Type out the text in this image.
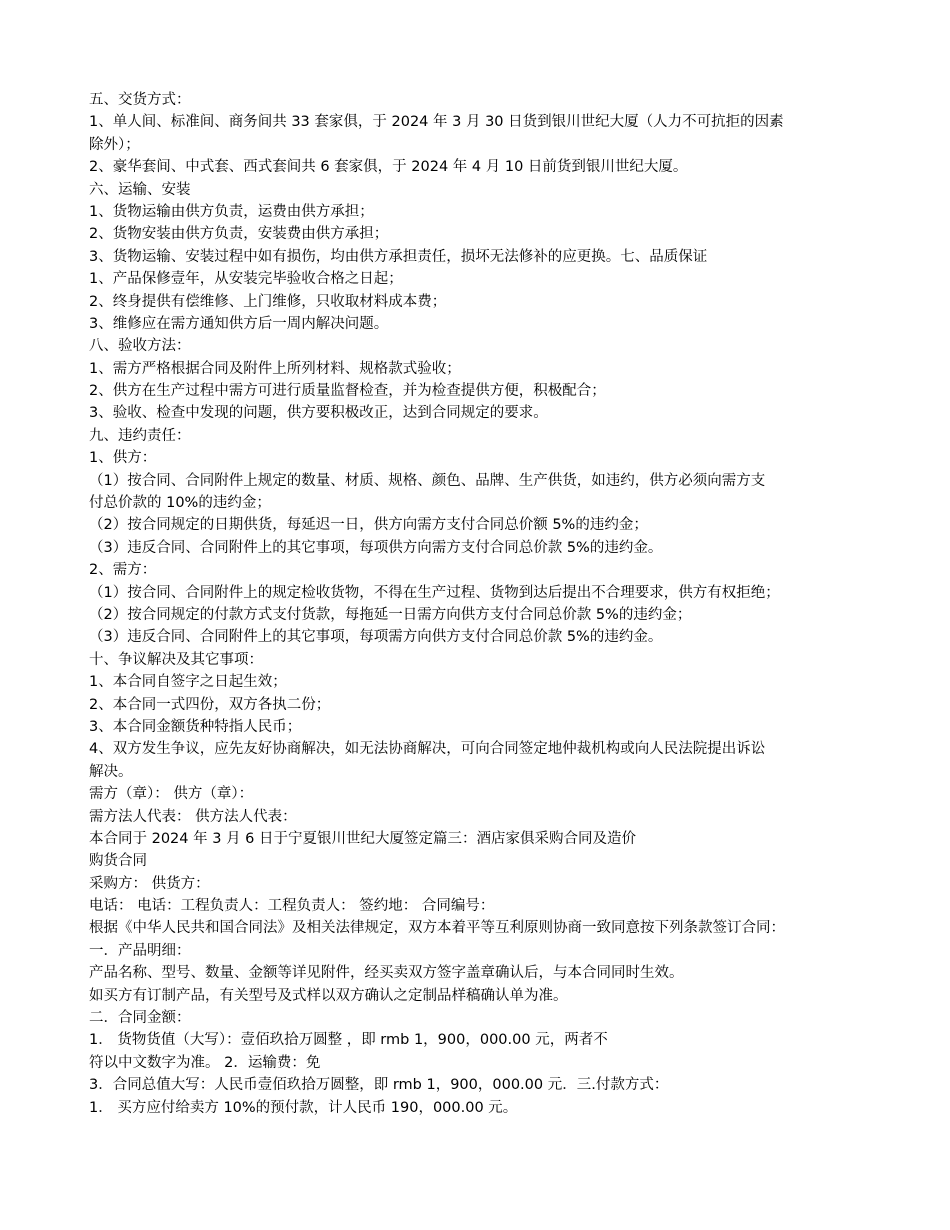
五、交货方式：
1、单人间、标准间、商务间共 33 套家俱，于 2024 年 3 月 30 日货到银川世纪大厦（人力不可抗拒的因素
除外）；
2、豪华套间、中式套、西式套间共 6 套家俱，于 2024 年 4 月 10 日前货到银川世纪大厦。
六、运输、安装
1、货物运输由供方负责，运费由供方承担；
2、货物安装由供方负责，安装费由供方承担；
3、货物运输、安装过程中如有损伤，均由供方承担责任，损坏无法修补的应更换。七、品质保证
1、产品保修壹年，从安装完毕验收合格之日起；
2、终身提供有偿维修、上门维修，只收取材料成本费；
3、维修应在需方通知供方后一周内解决问题。
八、验收方法：
1、需方严格根据合同及附件上所列材料、规格款式验收；
2、供方在生产过程中需方可进行质量监督检查，并为检查提供方便，积极配合；
3、验收、检查中发现的问题，供方要积极改正，达到合同规定的要求。
九、违约责任：
1、供方：
（1）按合同、合同附件上规定的数量、材质、规格、颜色、品牌、生产供货，如违约，供方必须向需方支
付总价款的 10%的违约金；
（2）按合同规定的日期供货，每延迟一日，供方向需方支付合同总价额 5%的违约金；
（3）违反合同、合同附件上的其它事项，每项供方向需方支付合同总价款 5%的违约金。
2、需方：
（1）按合同、合同附件上的规定检收货物，不得在生产过程、货物到达后提出不合理要求，供方有权拒绝；
（2）按合同规定的付款方式支付货款，每拖延一日需方向供方支付合同总价款 5%的违约金；
（3）违反合同、合同附件上的其它事项，每项需方向供方支付合同总价款 5%的违约金。
十、争议解决及其它事项：
1、本合同自签字之日起生效；
2、本合同一式四份，双方各执二份；
3、本合同金额货种特指人民币；
4、双方发生争议，应先友好协商解决，如无法协商解决，可向合同签定地仲裁机构或向人民法院提出诉讼
解决。
需方（章）： 供方（章）：
需方法人代表： 供方法人代表：
本合同于 2024 年 3 月 6 日于宁夏银川世纪大厦签定篇三：酒店家俱采购合同及造价
购货合同
采购方： 供货方：
电话： 电话：工程负责人：工程负责人： 签约地： 合同编号：
根据《中华人民共和国合同法》及相关法律规定，双方本着平等互利原则协商一致同意按下列条款签订合同：
一．产品明细：
产品名称、型号、数量、金额等详见附件，经买卖双方签字盖章确认后，与本合同同时生效。
如买方有订制产品，有关型号及式样以双方确认之定制品样稿确认单为准。
二．合同金额：
1． 货物货值（大写）：壹佰玖拾万圆整 ，即 rmb 1，900，000.00 元，两者不
符以中文数字为准。 2．运输费：免
3．合同总值大写：人民币壹佰玖拾万圆整，即 rmb 1，900，000.00 元．三.付款方式：
1． 买方应付给卖方 10%的预付款，计人民币 190，000.00 元。
